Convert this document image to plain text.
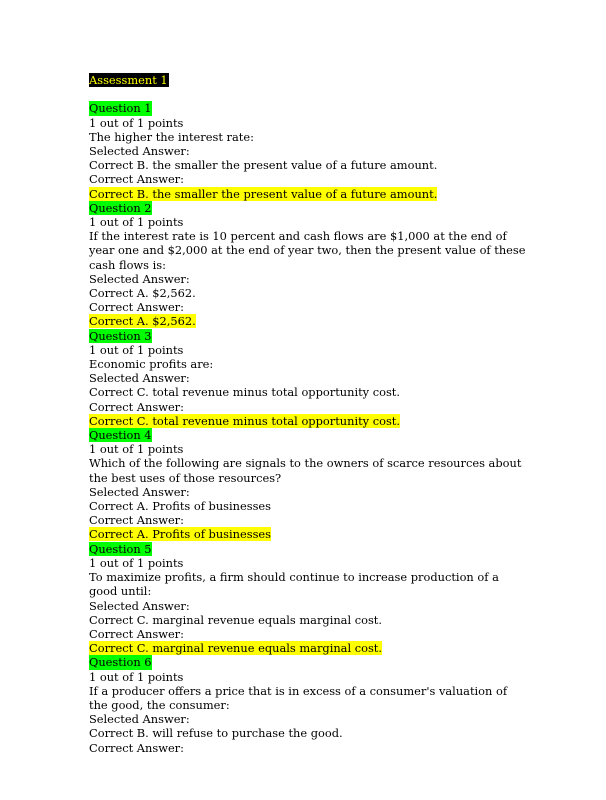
Assessment 1
Question 1
1 out of 1 points
The higher the interest rate:
Selected Answer:
Correct B. the smaller the present value of a future amount.
Correct Answer:
Correct B. the smaller the present value of a future amount.
Question 2
1 out of 1 points
If the interest rate is 10 percent and cash flows are $1,000 at the end of year one and $2,000 at the end of year two, then the present value of these cash flows is:
Selected Answer:
Correct A. $2,562.
Correct Answer:
Correct A. $2,562.
Question 3
1 out of 1 points
Economic profits are:
Selected Answer:
Correct C. total revenue minus total opportunity cost.
Correct Answer:
Correct C. total revenue minus total opportunity cost.
Question 4
1 out of 1 points
Which of the following are signals to the owners of scarce resources about the best uses of those resources?
Selected Answer:
Correct A. Profits of businesses
Correct Answer:
Correct A. Profits of businesses
Question 5
1 out of 1 points
To maximize profits, a firm should continue to increase production of a good until:
Selected Answer:
Correct C. marginal revenue equals marginal cost.
Correct Answer:
Correct C. marginal revenue equals marginal cost.
Question 6
1 out of 1 points
If a producer offers a price that is in excess of a consumer's valuation of the good, the consumer:
Selected Answer:
Correct B. will refuse to purchase the good.
Correct Answer:
